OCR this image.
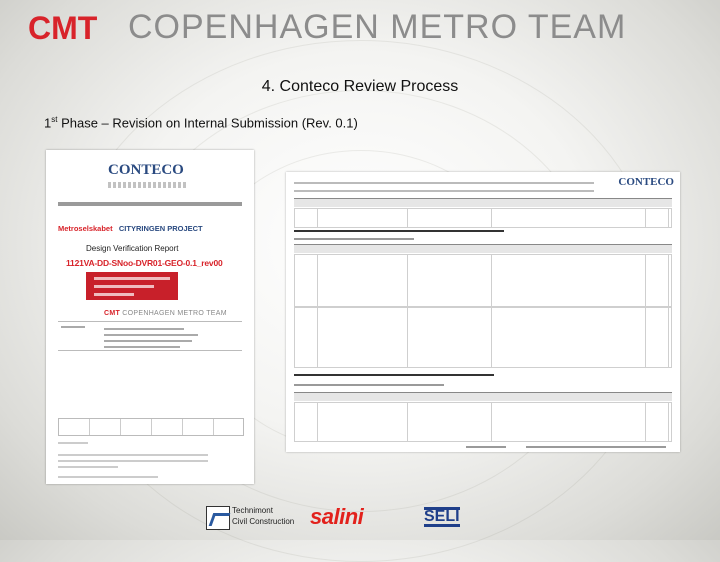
CMT COPENHAGEN METRO TEAM
4. Conteco Review Process
1st Phase – Revision on Internal Submission (Rev. 0.1)
CONTECO
Metroselskabet CITYRINGEN PROJECT
Design Verification Report
1121VA-DD-SNoo-DVR01-GEO-0.1_rev00
CMT COPENHAGEN METRO TEAM
CONTECO
Technimont
Civil Construction salini	SELI
